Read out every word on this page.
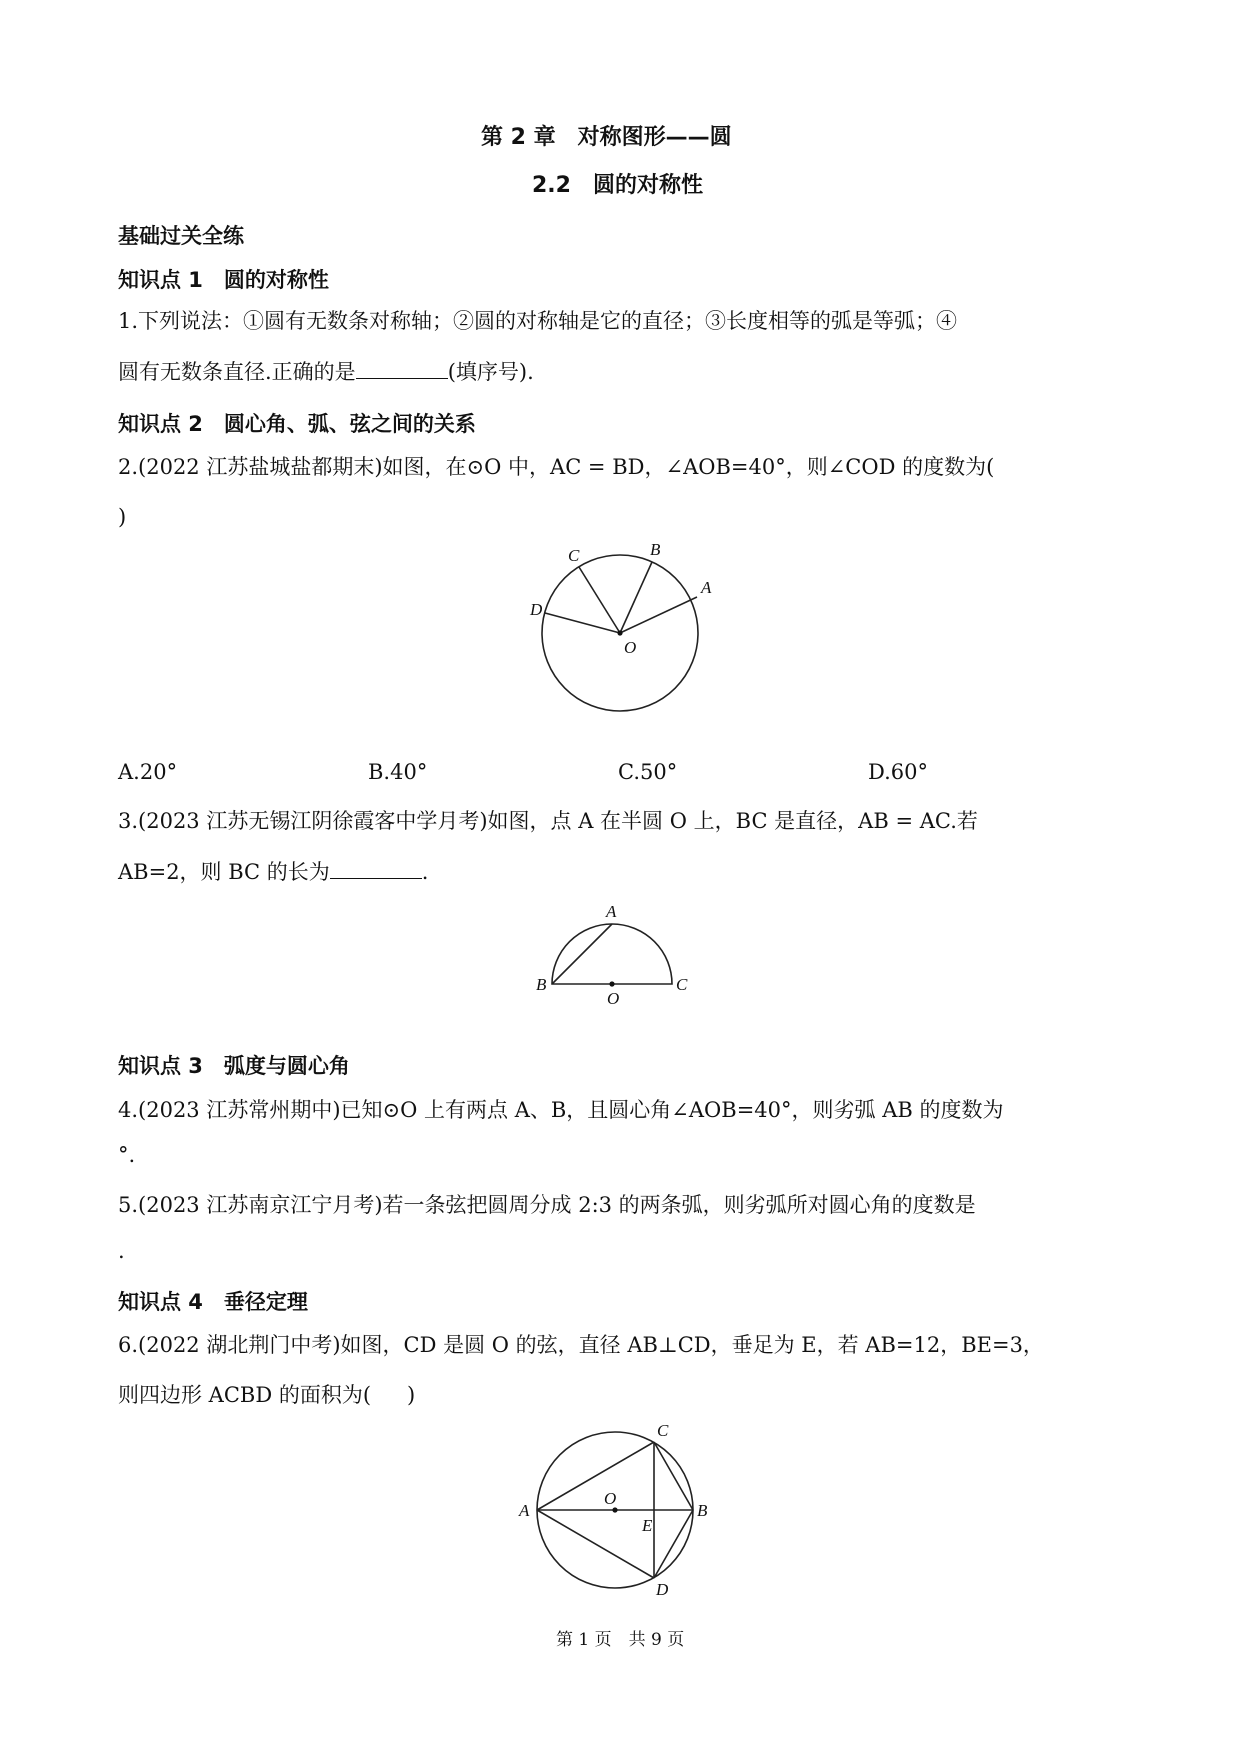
第 2 章　对称图形——圆
2.2　圆的对称性
基础过关全练
知识点 1　圆的对称性
1.下列说法：①圆有无数条对称轴；②圆的对称轴是它的直径；③长度相等的弧是等弧；④
圆有无数条直径.正确的是	(填序号).
知识点 2　圆心角、弧、弦之间的关系
2.(2022 江苏盐城盐都期末)如图，在⊙O 中，AC = BD，∠AOB=40°，则∠COD 的度数为(
)
A
B
C
D
O
A.20°	B.40°	C.50°	D.60°
3.(2023 江苏无锡江阴徐霞客中学月考)如图，点 A 在半圆 O 上，BC 是直径，AB = AC.若
AB=2，则 BC 的长为	.
A
B	C
O
知识点 3　弧度与圆心角
4.(2023 江苏常州期中)已知⊙O 上有两点 A、B，且圆心角∠AOB=40°，则劣弧 AB 的度数为
°.
5.(2023 江苏南京江宁月考)若一条弦把圆周分成 2:3 的两条弧，则劣弧所对圆心角的度数是
.
知识点 4　垂径定理
6.(2022 湖北荆门中考)如图，CD 是圆 O 的弦，直径 AB⊥CD，垂足为 E，若 AB=12，BE=3，
则四边形 ACBD 的面积为( )
A	B
C
D
E
O
第 1 页　共 9 页
